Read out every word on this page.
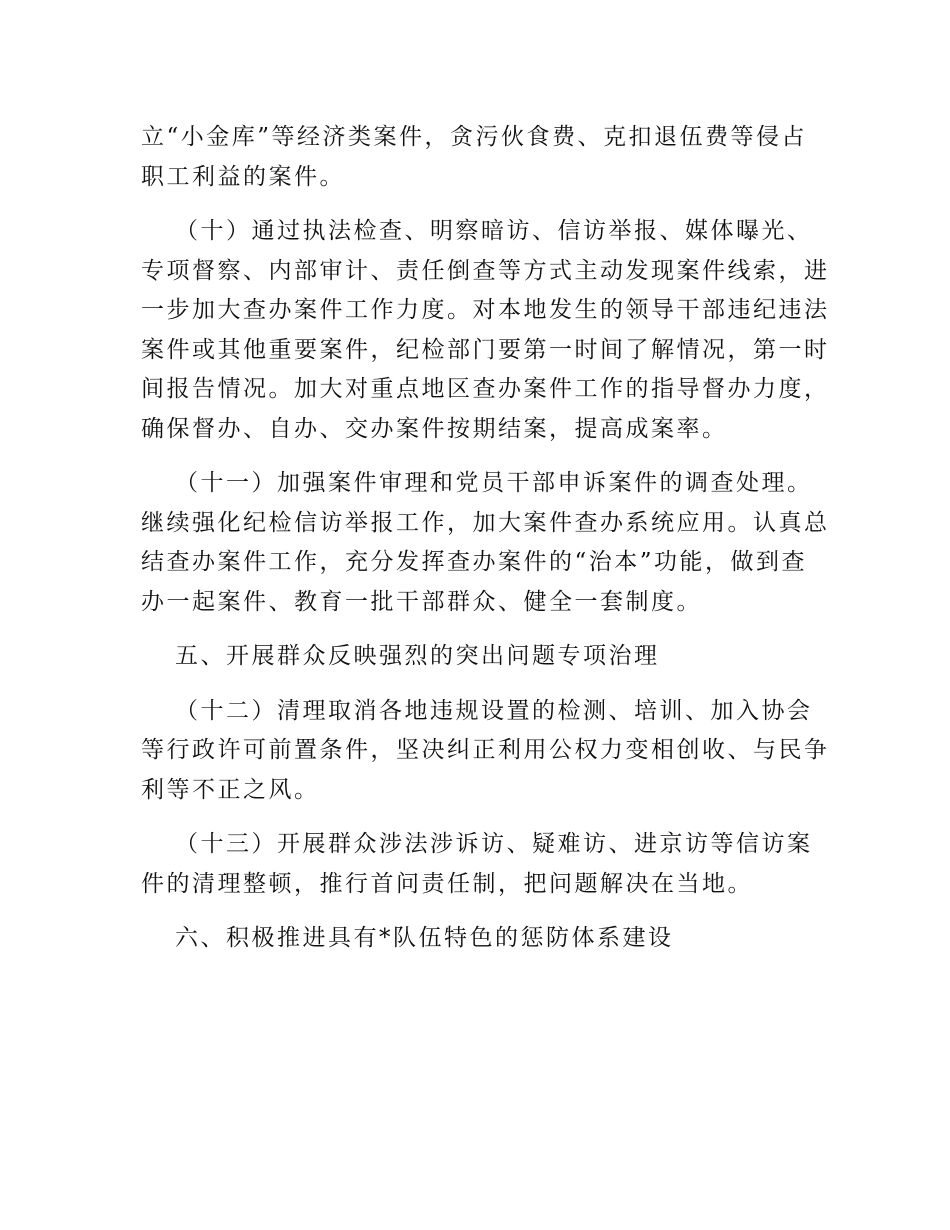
立“小金库”等经济类案件，贪污伙食费、克扣退伍费等侵占
职工利益的案件。

（十）通过执法检查、明察暗访、信访举报、媒体曝光、
专项督察、内部审计、责任倒查等方式主动发现案件线索，进
一步加大查办案件工作力度。对本地发生的领导干部违纪违法
案件或其他重要案件，纪检部门要第一时间了解情况，第一时
间报告情况。加大对重点地区查办案件工作的指导督办力度，
确保督办、自办、交办案件按期结案，提高成案率。

（十一）加强案件审理和党员干部申诉案件的调查处理。
继续强化纪检信访举报工作，加大案件查办系统应用。认真总
结查办案件工作，充分发挥查办案件的“治本”功能，做到查
办一起案件、教育一批干部群众、健全一套制度。

五、开展群众反映强烈的突出问题专项治理

（十二）清理取消各地违规设置的检测、培训、加入协会
等行政许可前置条件，坚决纠正利用公权力变相创收、与民争
利等不正之风。

（十三）开展群众涉法涉诉访、疑难访、进京访等信访案
件的清理整顿，推行首问责任制，把问题解决在当地。

六、积极推进具有*队伍特色的惩防体系建设
